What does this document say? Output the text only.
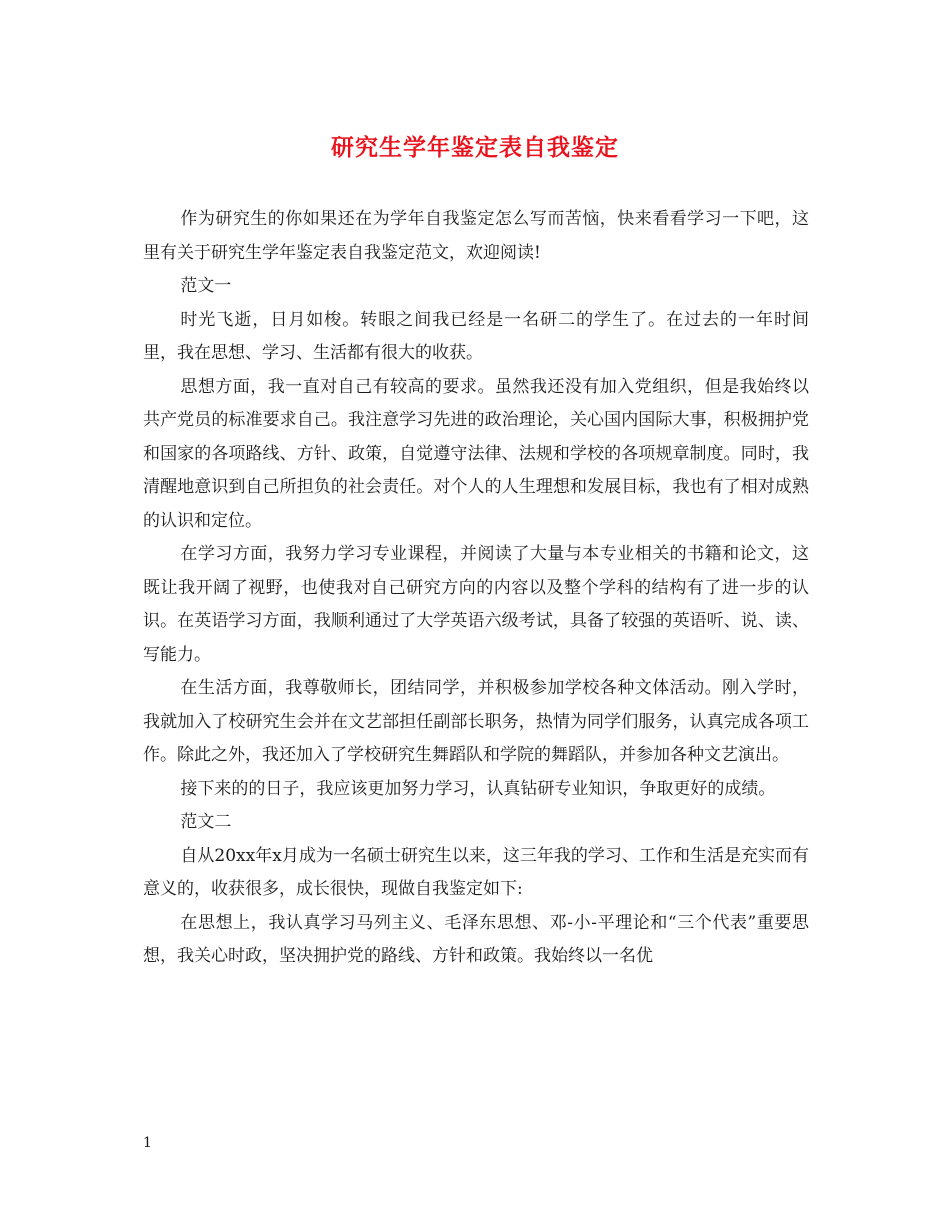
研究生学年鉴定表自我鉴定

作为研究生的你如果还在为学年自我鉴定怎么写而苦恼，快来看看学习一下吧，这里有关于研究生学年鉴定表自我鉴定范文，欢迎阅读!

范文一

时光飞逝，日月如梭。转眼之间我已经是一名研二的学生了。在过去的一年时间里，我在思想、学习、生活都有很大的收获。

思想方面，我一直对自己有较高的要求。虽然我还没有加入党组织，但是我始终以共产党员的标准要求自己。我注意学习先进的政治理论，关心国内国际大事，积极拥护党和国家的各项路线、方针、政策，自觉遵守法律、法规和学校的各项规章制度。同时，我清醒地意识到自己所担负的社会责任。对个人的人生理想和发展目标，我也有了相对成熟的认识和定位。

在学习方面，我努力学习专业课程，并阅读了大量与本专业相关的书籍和论文，这既让我开阔了视野，也使我对自己研究方向的内容以及整个学科的结构有了进一步的认识。在英语学习方面，我顺利通过了大学英语六级考试，具备了较强的英语听、说、读、写能力。

在生活方面，我尊敬师长，团结同学，并积极参加学校各种文体活动。刚入学时，我就加入了校研究生会并在文艺部担任副部长职务，热情为同学们服务，认真完成各项工作。除此之外，我还加入了学校研究生舞蹈队和学院的舞蹈队，并参加各种文艺演出。

接下来的的日子，我应该更加努力学习，认真钻研专业知识，争取更好的成绩。

范文二

自从20xx年x月成为一名硕士研究生以来，这三年我的学习、工作和生活是充实而有意义的，收获很多，成长很快，现做自我鉴定如下:

在思想上，我认真学习马列主义、毛泽东思想、邓-小-平理论和“三个代表”重要思想，我关心时政，坚决拥护党的路线、方针和政策。我始终以一名优

1
